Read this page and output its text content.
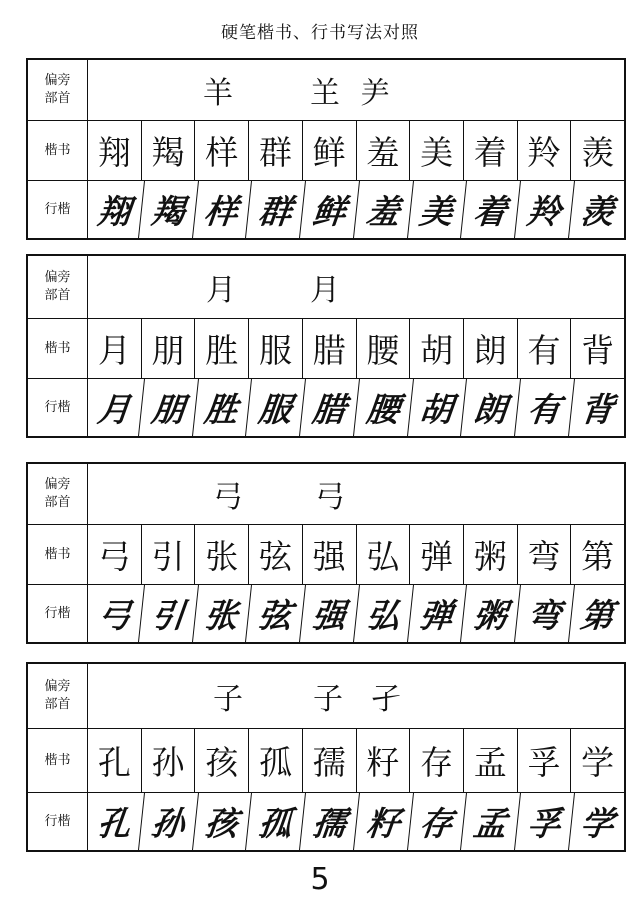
硬笔楷书、行书写法对照
偏旁
部首	羊	𦍌 ⺶
楷书 翔 羯 样 群 鲜 羞 美 着 羚 羡
行楷 翔 羯 样 群 鲜 羞 美 着 羚 羡
偏旁
部首	月 月
楷书 月 朋 胜 服 腊 腰 胡 朗 有 背
行楷 月 朋 胜 服 腊 腰 胡 朗 有 背
偏旁
部首	弓 弓
楷书 弓 引 张 弦 强 弘 弹 粥 弯 第
行楷 弓 引 张 弦 强 弘 弹 粥 弯 第
偏旁
部首	子 子 孑
楷书 孔 孙 孩 孤 孺 籽 存 孟 孚 学
行楷 孔 孙 孩 孤 孺 籽 存 孟 孚 学
5
